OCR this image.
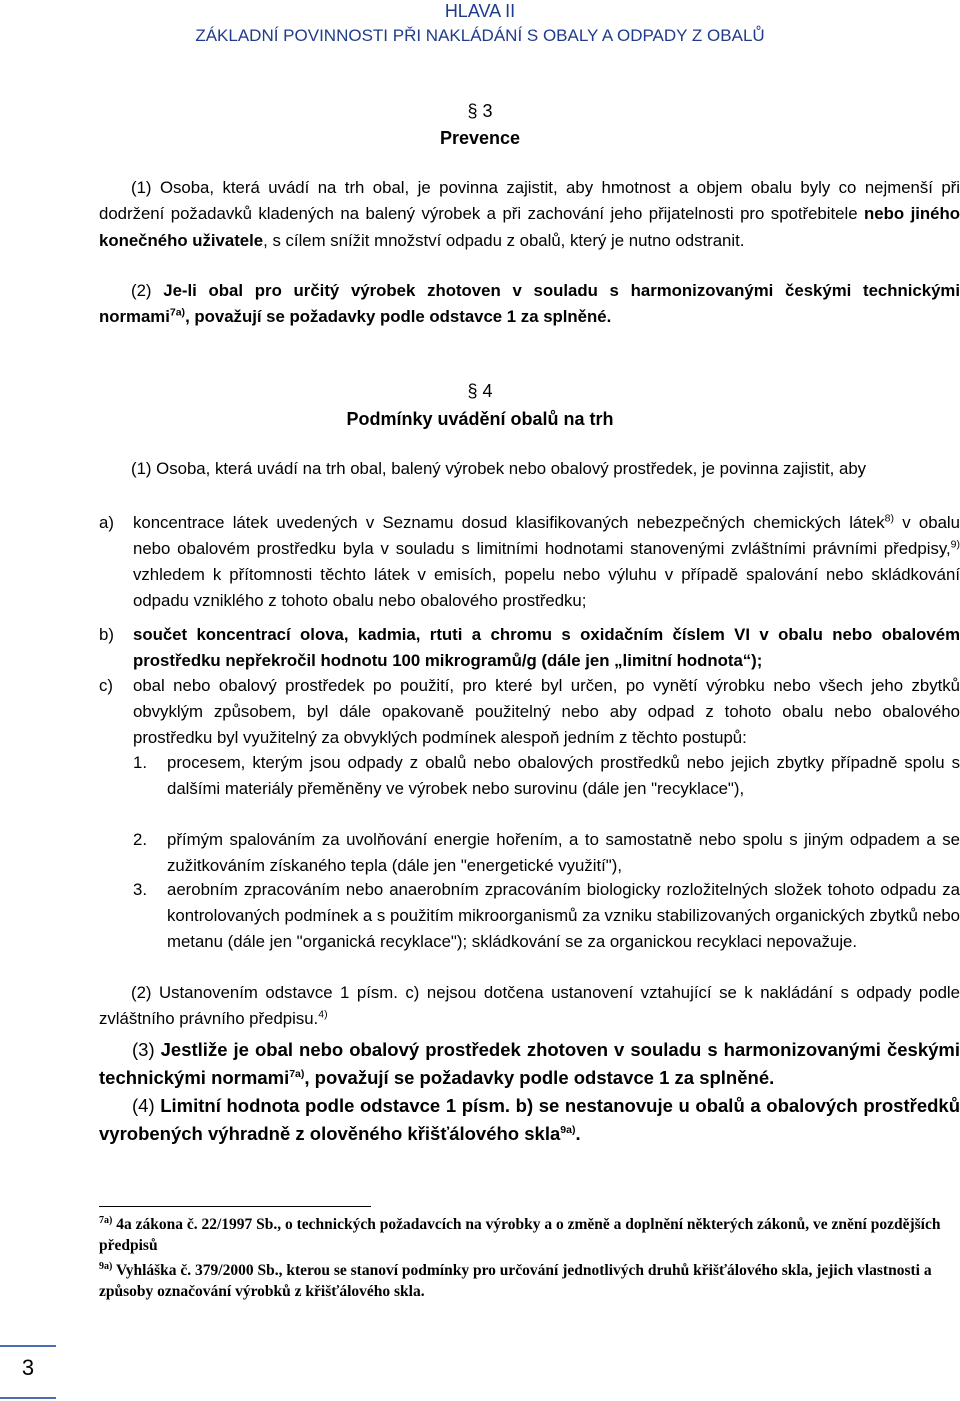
HLAVA II
ZÁKLADNÍ POVINNOSTI PŘI NAKLÁDÁNÍ S OBALY A ODPADY Z OBALŮ
§ 3
Prevence
(1) Osoba, která uvádí na trh obal, je povinna zajistit, aby hmotnost a objem obalu byly co nejmenší při dodržení požadavků kladených na balený výrobek a při zachování jeho přijatelnosti pro spotřebitele nebo jiného konečného uživatele, s cílem snížit množství odpadu z obalů, který je nutno odstranit.
(2) Je-li obal pro určitý výrobek zhotoven v souladu s harmonizovanými českými technickými normami$^{7a)}$, považují se požadavky podle odstavce 1 za splněné.
§ 4
Podmínky uvádění obalů na trh
(1) Osoba, která uvádí na trh obal, balený výrobek nebo obalový prostředek, je povinna zajistit, aby
a)	koncentrace látek uvedených v Seznamu dosud klasifikovaných nebezpečných chemických látek$^{8)}$ v obalu nebo obalovém prostředku byla v souladu s limitními hodnotami stanovenými zvláštními právními předpisy,$^{9)}$ vzhledem k přítomnosti těchto látek v emisích, popelu nebo výluhu v případě spalování nebo skládkování odpadu vzniklého z tohoto obalu nebo obalového prostředku;
b)	součet koncentrací olova, kadmia, rtuti a chromu s oxidačním číslem VI v obalu nebo obalovém prostředku nepřekročil hodnotu 100 mikrogramů/g (dále jen „limitní hodnota“);
c)	obal nebo obalový prostředek po použití, pro které byl určen, po vynětí výrobku nebo všech jeho zbytků obvyklým způsobem, byl dále opakovaně použitelný nebo aby odpad z tohoto obalu nebo obalového prostředku byl využitelný za obvyklých podmínek alespoň jedním z těchto postupů:
1.	procesem, kterým jsou odpady z obalů nebo obalových prostředků nebo jejich zbytky případně spolu s dalšími materiály přeměněny ve výrobek nebo surovinu (dále jen "recyklace"),
2.	přímým spalováním za uvolňování energie hořením, a to samostatně nebo spolu s jiným odpadem a se zužitkováním získaného tepla (dále jen "energetické využití"),
3.	aerobním zpracováním nebo anaerobním zpracováním biologicky rozložitelných složek tohoto odpadu za kontrolovaných podmínek a s použitím mikroorganismů za vzniku stabilizovaných organických zbytků nebo metanu (dále jen "organická recyklace"); skládkování se za organickou recyklaci nepovažuje.
(2) Ustanovením odstavce 1 písm. c) nejsou dotčena ustanovení vztahující se k nakládání s odpady podle zvláštního právního předpisu.$^{4)}$
(3) Jestliže je obal nebo obalový prostředek zhotoven v souladu s harmonizovanými českými technickými normami$^{7a)}$, považují se požadavky podle odstavce 1 za splněné.
(4) Limitní hodnota podle odstavce 1 písm. b) se nestanovuje u obalů a obalových prostředků vyrobených výhradně z olověného křišťálového skla$^{9a)}$.
$^{7a)}$ 4a zákona č. 22/1997 Sb., o technických požadavcích na výrobky a o změně a doplnění některých zákonů, ve znění pozdějších předpisů
$^{9a)}$ Vyhláška č. 379/2000 Sb., kterou se stanoví podmínky pro určování jednotlivých druhů křišťálového skla, jejich vlastnosti a způsoby označování výrobků z křišťálového skla.
3
